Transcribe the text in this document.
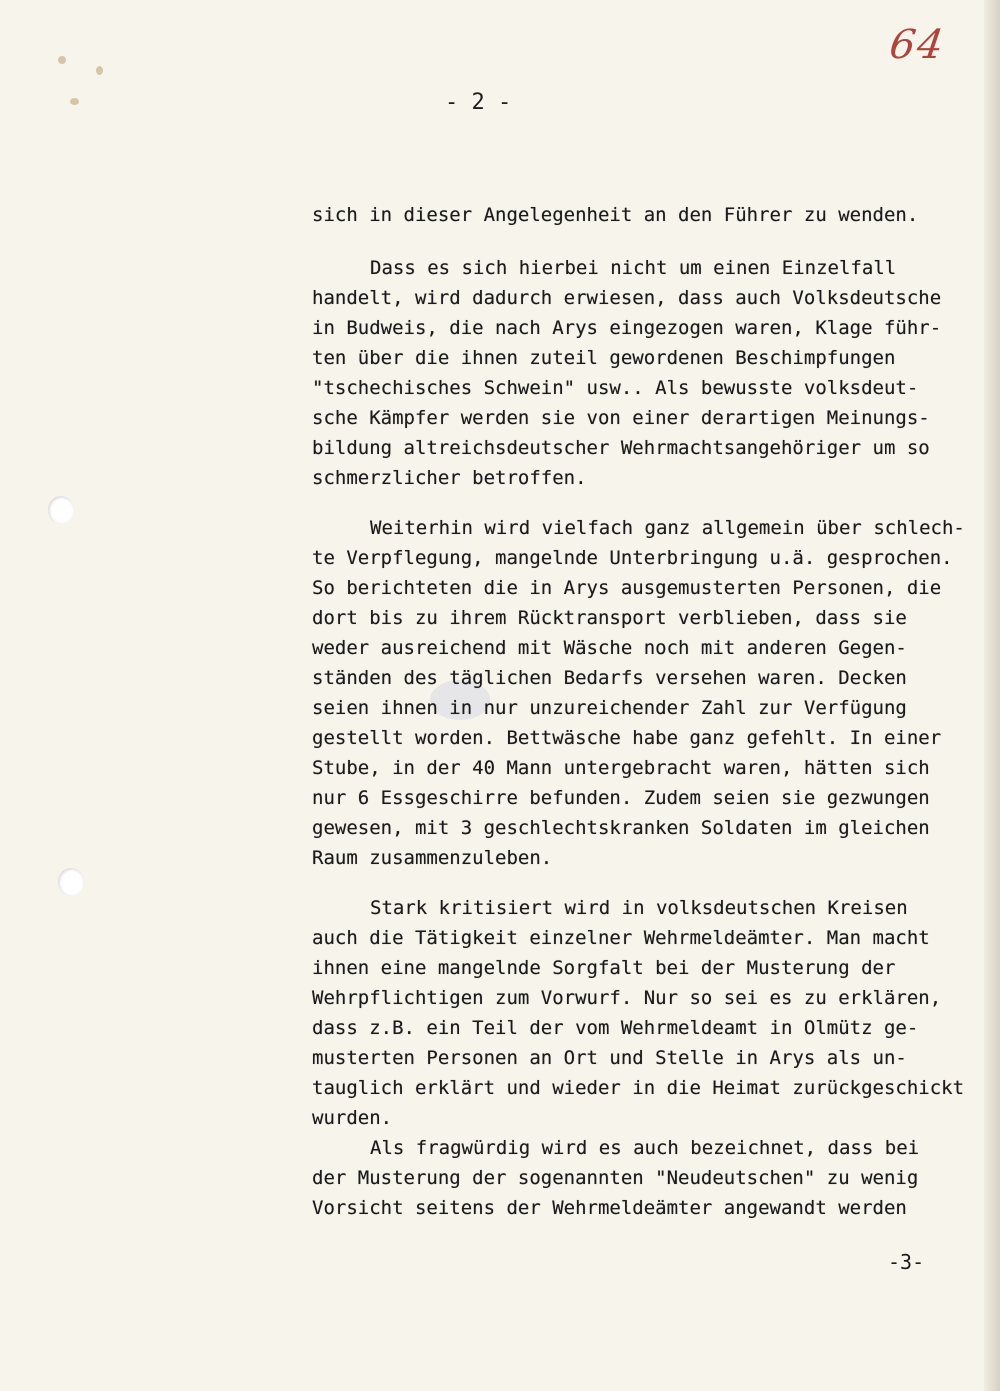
64
- 2 -
sich in dieser Angelegenheit an den Führer zu wenden.
Dass es sich hierbei nicht um einen Einzelfall
handelt, wird dadurch erwiesen, dass auch Volksdeutsche
in Budweis, die nach Arys eingezogen waren, Klage führ-
ten über die ihnen zuteil gewordenen Beschimpfungen
"tschechisches Schwein" usw.. Als bewusste volksdeut-
sche Kämpfer werden sie von einer derartigen Meinungs-
bildung altreichsdeutscher Wehrmachtsangehöriger um so
schmerzlicher betroffen.
Weiterhin wird vielfach ganz allgemein über schlech-
te Verpflegung, mangelnde Unterbringung u.ä. gesprochen.
So berichteten die in Arys ausgemusterten Personen, die
dort bis zu ihrem Rücktransport verblieben, dass sie
weder ausreichend mit Wäsche noch mit anderen Gegen-
ständen des täglichen Bedarfs versehen waren. Decken
seien ihnen in nur unzureichender Zahl zur Verfügung
gestellt worden. Bettwäsche habe ganz gefehlt. In einer
Stube, in der 40 Mann untergebracht waren, hätten sich
nur 6 Essgeschirre befunden. Zudem seien sie gezwungen
gewesen, mit 3 geschlechtskranken Soldaten im gleichen
Raum zusammenzuleben.
Stark kritisiert wird in volksdeutschen Kreisen
auch die Tätigkeit einzelner Wehrmeldeämter. Man macht
ihnen eine mangelnde Sorgfalt bei der Musterung der
Wehrpflichtigen zum Vorwurf. Nur so sei es zu erklären,
dass z.B. ein Teil der vom Wehrmeldeamt in Olmütz ge-
musterten Personen an Ort und Stelle in Arys als un-
tauglich erklärt und wieder in die Heimat zurückgeschickt
wurden.
Als fragwürdig wird es auch bezeichnet, dass bei
der Musterung der sogenannten "Neudeutschen" zu wenig
Vorsicht seitens der Wehrmeldeämter angewandt werden
-3-
